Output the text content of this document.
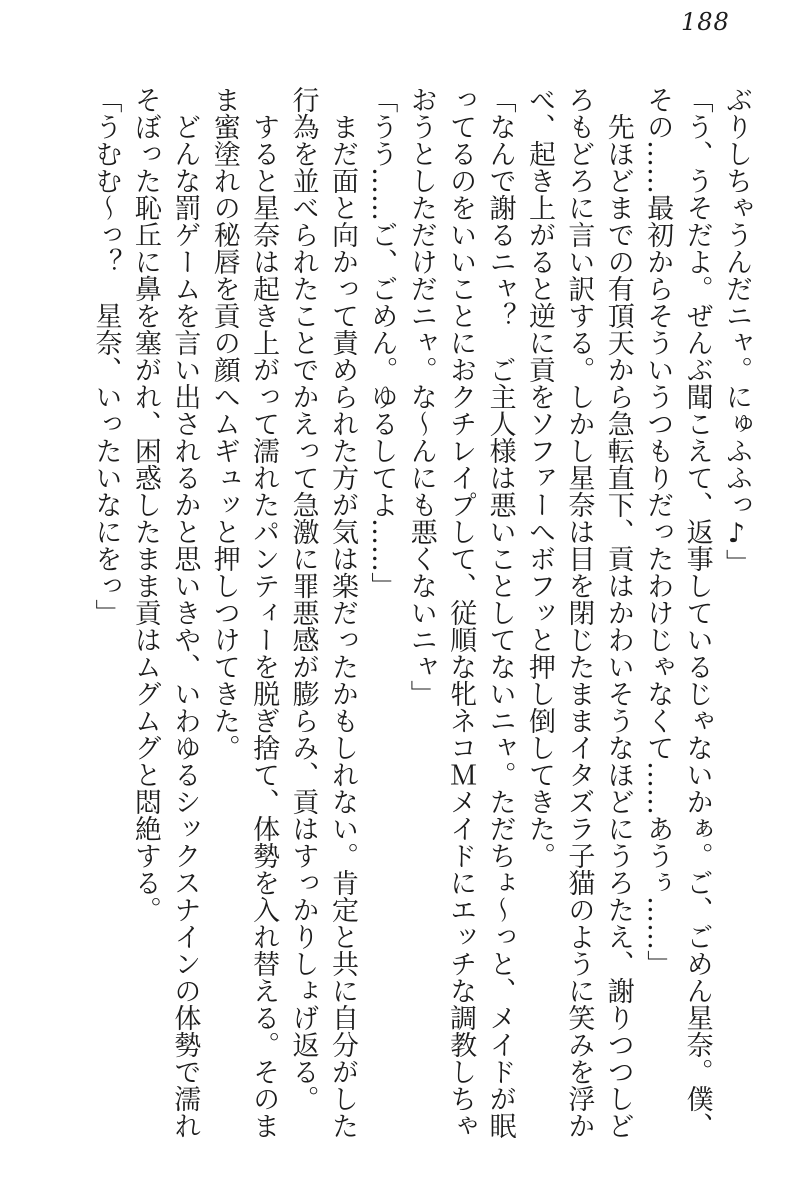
188

ぶりしちゃうんだニャ。にゅふふっ♪」

「う、うそだよ。ぜんぶ聞こえて、返事しているじゃないかぁ。ご、ごめん星奈。僕、その……最初からそういうつもりだったわけじゃなくて……あうぅ……」

先ほどまでの有頂天から急転直下、貢はかわいそうなほどにうろたえ、謝りつつしどろもどろに言い訳する。しかし星奈は目を閉じたままイタズラ子猫のように笑みを浮かべ、起き上がると逆に貢をソファーへボフッと押し倒してきた。

「なんで謝るニャ？　ご主人様は悪いことしてないニャ。ただちょ〜っと、メイドが眠ってるのをいいことにおクチレイプして、従順な牝ネコＭメイドにエッチな調教しちゃおうとしただけだニャ。な〜んにも悪くないニャ」

「うう……ご、ごめん。ゆるしてよ……」

まだ面と向かって責められた方が気は楽だったかもしれない。肯定と共に自分がした行為を並べられたことでかえって急激に罪悪感が膨らみ、貢はすっかりしょげ返る。

すると星奈は起き上がって濡れたパンティーを脱ぎ捨て、体勢を入れ替える。そのまま蜜塗れの秘唇を貢の顔へムギュッと押しつけてきた。

どんな罰ゲームを言い出されるかと思いきや、いわゆるシックスナインの体勢で濡れそぼった恥丘に鼻を塞がれ、困惑したまま貢はムグムグと悶絶する。

「うむむ〜っ？　星奈、いったいなにをっ」
